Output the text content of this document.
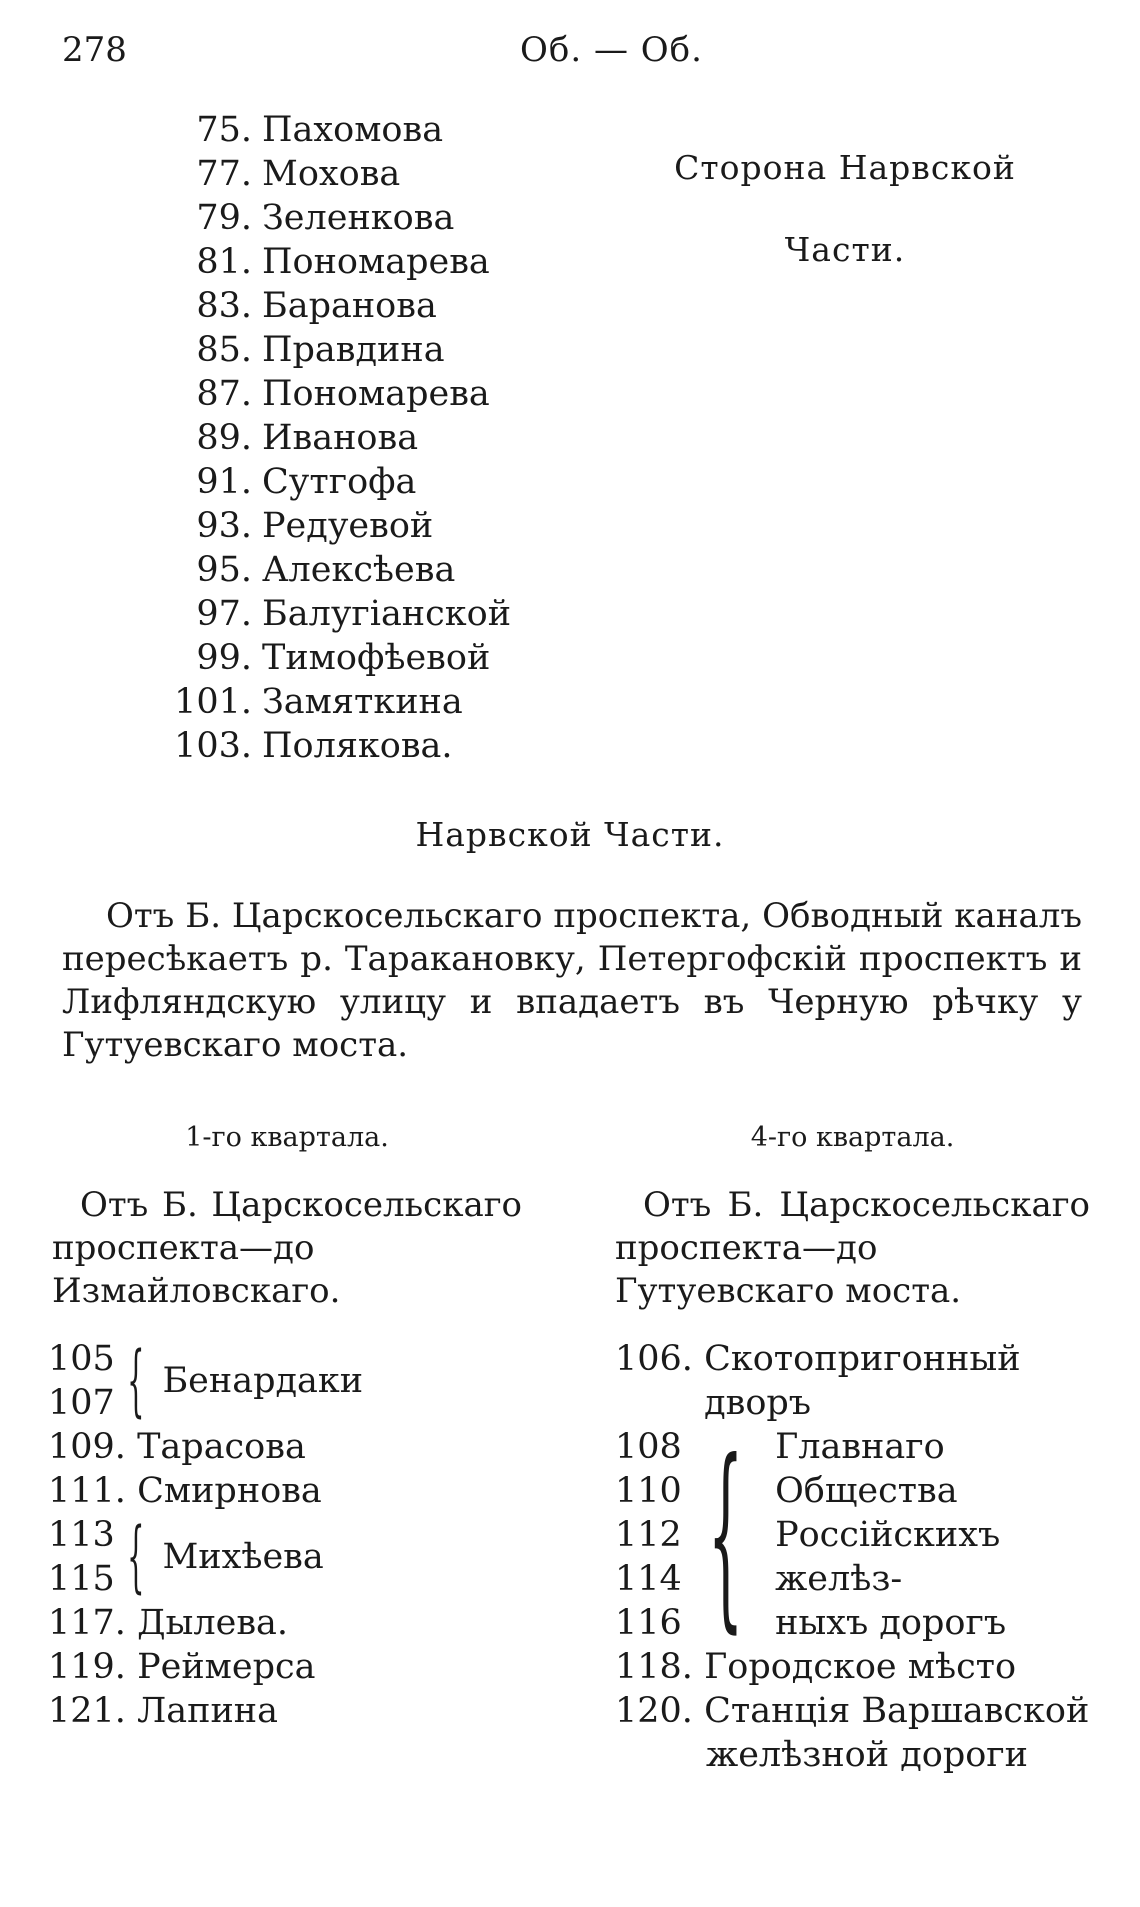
278	Об. — Об.
75. Пахомова
77. Мохова
79. Зеленкова
81. Пономарева
83. Баранова
85. Правдина
87. Пономарева
89. Иванова
91. Сутгофа
93. Редуевой
95. Алексѣева
97. Балугіанской
99. Тимофѣевой
101. Замяткина
103. Полякова.
Сторона Нарвской
Части.
Нарвской Части.
Отъ Б. Царскосельскаго проспекта, Обводный каналъ пересѣкаетъ р. Таракановку, Петергофскій проспектъ и Лифляндскую улицу и впадаетъ въ Черную рѣчку у Гутуевскаго моста.
1-го квартала.	4-го квартала.
Отъ Б. Царскосельскаго проспекта—до Измайловскаго.
Отъ Б. Царскосельскаго проспекта—до Гутуевскаго моста.
105
107 { Бенардаки
109.
Тарасова
111.
Смирнова
113
115 { Михѣева
117.
Дылева.
119.
Реймерса
121.
Лапина
106.
Скотопригонный дворъ
108
110
112
114
116 { Главнаго Общества
Россійскихъ желѣз-
ныхъ дорогъ
118.
Городское мѣсто
120.
Станція Варшавской
желѣзной дороги
